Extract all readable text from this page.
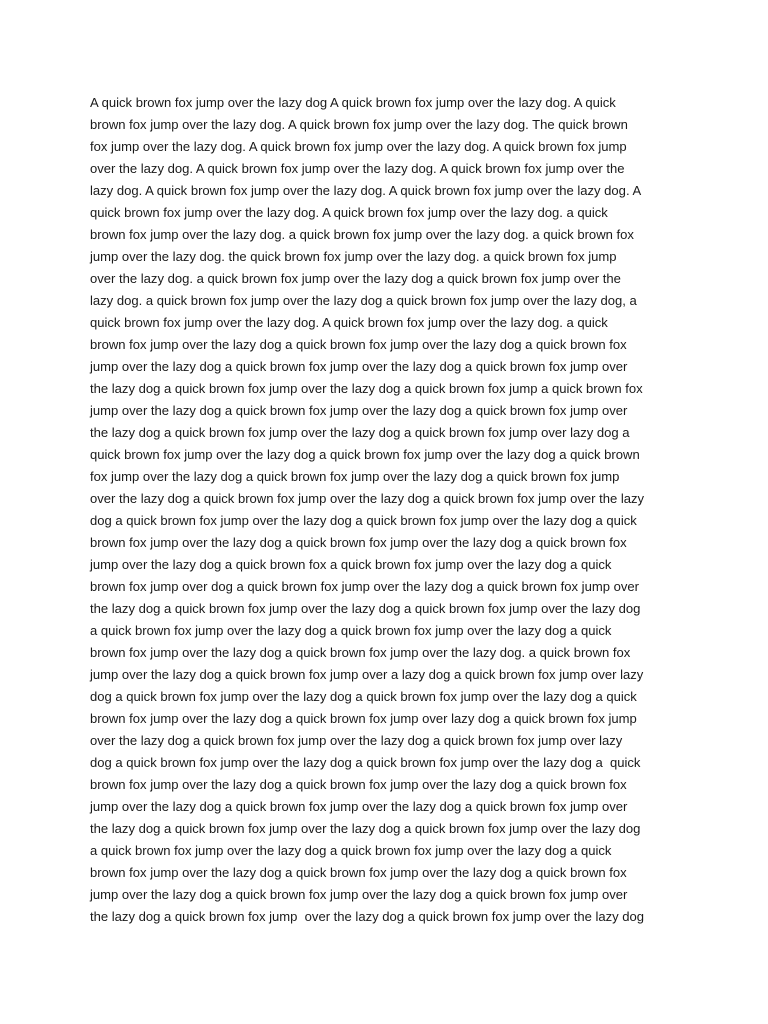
A quick brown fox jump over the lazy dog A quick brown fox jump over the lazy dog. A quick
brown fox jump over the lazy dog. A quick brown fox jump over the lazy dog. The quick brown
fox jump over the lazy dog. A quick brown fox jump over the lazy dog. A quick brown fox jump
over the lazy dog. A quick brown fox jump over the lazy dog. A quick brown fox jump over the
lazy dog. A quick brown fox jump over the lazy dog. A quick brown fox jump over the lazy dog. A
quick brown fox jump over the lazy dog. A quick brown fox jump over the lazy dog. a quick
brown fox jump over the lazy dog. a quick brown fox jump over the lazy dog. a quick brown fox
jump over the lazy dog. the quick brown fox jump over the lazy dog. a quick brown fox jump
over the lazy dog. a quick brown fox jump over the lazy dog a quick brown fox jump over the
lazy dog. a quick brown fox jump over the lazy dog a quick brown fox jump over the lazy dog, a
quick brown fox jump over the lazy dog. A quick brown fox jump over the lazy dog. a quick
brown fox jump over the lazy dog a quick brown fox jump over the lazy dog a quick brown fox
jump over the lazy dog a quick brown fox jump over the lazy dog a quick brown fox jump over
the lazy dog a quick brown fox jump over the lazy dog a quick brown fox jump a quick brown fox
jump over the lazy dog a quick brown fox jump over the lazy dog a quick brown fox jump over
the lazy dog a quick brown fox jump over the lazy dog a quick brown fox jump over lazy dog a
quick brown fox jump over the lazy dog a quick brown fox jump over the lazy dog a quick brown
fox jump over the lazy dog a quick brown fox jump over the lazy dog a quick brown fox jump
over the lazy dog a quick brown fox jump over the lazy dog a quick brown fox jump over the lazy
dog a quick brown fox jump over the lazy dog a quick brown fox jump over the lazy dog a quick
brown fox jump over the lazy dog a quick brown fox jump over the lazy dog a quick brown fox
jump over the lazy dog a quick brown fox a quick brown fox jump over the lazy dog a quick
brown fox jump over dog a quick brown fox jump over the lazy dog a quick brown fox jump over
the lazy dog a quick brown fox jump over the lazy dog a quick brown fox jump over the lazy dog
a quick brown fox jump over the lazy dog a quick brown fox jump over the lazy dog a quick
brown fox jump over the lazy dog a quick brown fox jump over the lazy dog. a quick brown fox
jump over the lazy dog a quick brown fox jump over a lazy dog a quick brown fox jump over lazy
dog a quick brown fox jump over the lazy dog a quick brown fox jump over the lazy dog a quick
brown fox jump over the lazy dog a quick brown fox jump over lazy dog a quick brown fox jump
over the lazy dog a quick brown fox jump over the lazy dog a quick brown fox jump over lazy
dog a quick brown fox jump over the lazy dog a quick brown fox jump over the lazy dog a  quick
brown fox jump over the lazy dog a quick brown fox jump over the lazy dog a quick brown fox
jump over the lazy dog a quick brown fox jump over the lazy dog a quick brown fox jump over
the lazy dog a quick brown fox jump over the lazy dog a quick brown fox jump over the lazy dog
a quick brown fox jump over the lazy dog a quick brown fox jump over the lazy dog a quick
brown fox jump over the lazy dog a quick brown fox jump over the lazy dog a quick brown fox
jump over the lazy dog a quick brown fox jump over the lazy dog a quick brown fox jump over
the lazy dog a quick brown fox jump  over the lazy dog a quick brown fox jump over the lazy dog
